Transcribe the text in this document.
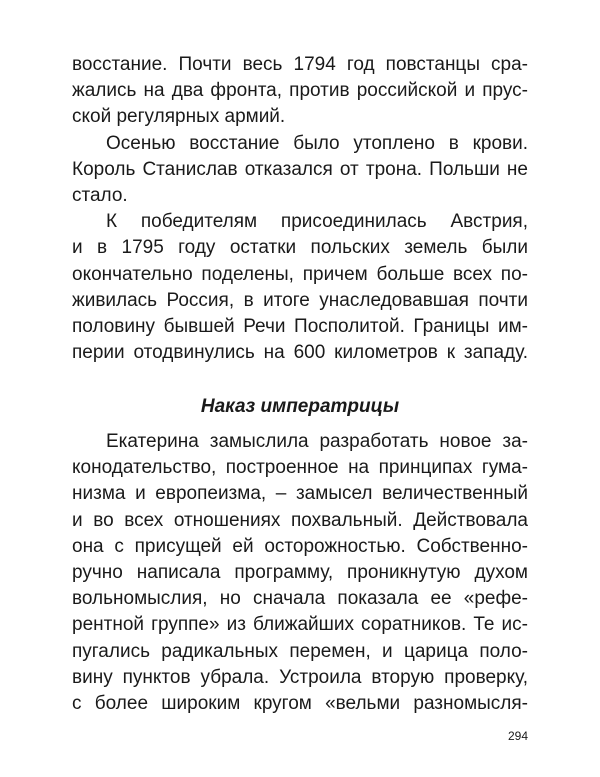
восстание. Почти весь 1794 год повстанцы сра-
жались на два фронта, против российской и прус-
ской регулярных армий.
Осенью восстание было утоплено в крови.
Король Станислав отказался от трона. Польши не
стало.
К победителям присоединилась Австрия,
и в 1795 году остатки польских земель были
окончательно поделены, причем больше всех по-
живилась Россия, в итоге унаследовавшая почти
половину бывшей Речи Посполитой. Границы им-
перии отодвинулись на 600 километров к западу.
Наказ императрицы
Екатерина замыслила разработать новое за-
конодательство, построенное на принципах гума-
низма и европеизма, – замысел величественный
и во всех отношениях похвальный. Действовала
она с присущей ей осторожностью. Собственно-
ручно написала программу, проникнутую духом
вольномыслия, но сначала показала ее «рефе-
рентной группе» из ближайших соратников. Те ис-
пугались радикальных перемен, и царица поло-
вину пунктов убрала. Устроила вторую проверку,
с более широким кругом «вельми разномысля-
294
